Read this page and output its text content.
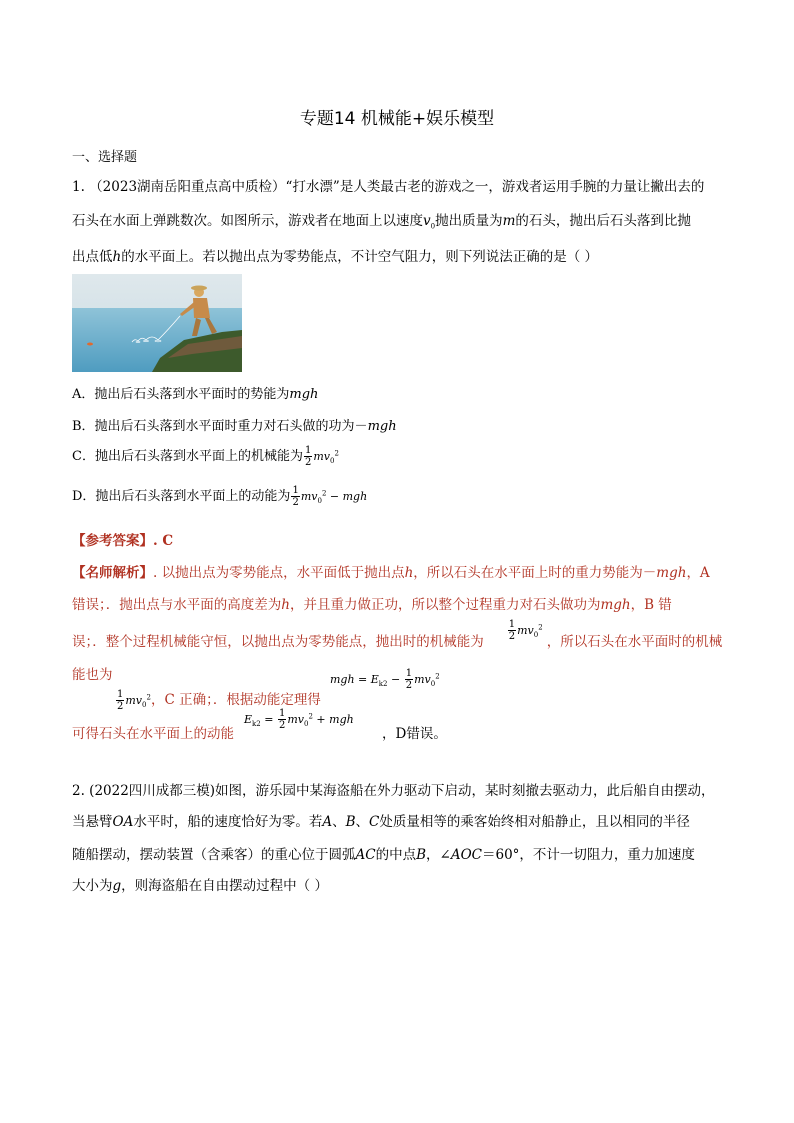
专题14 机械能+娱乐模型
一、选择题
1. （2023湖南岳阳重点高中质检）“打水漂”是人类最古老的游戏之一，游戏者运用手腕的力量让撇出去的
石头在水面上弹跳数次。如图所示，游戏者在地面上以速度$v_0$抛出质量为m的石头，抛出后石头落到比抛
出点低h的水平面上。若以抛出点为零势能点，不计空气阻力，则下列说法正确的是（ ）
A．抛出后石头落到水平面时的势能为mgh
B．抛出后石头落到水平面时重力对石头做的功为－mgh
C．抛出后石头落到水平面上的机械能为 $\frac{1}{2} mv_0^2$
D．抛出后石头落到水平面上的动能为 $\frac{1}{2} mv_0^2$ − mgh
【参考答案】. C
【名师解析】. 以抛出点为零势能点，水平面低于抛出点h，所以石头在水平面上时的重力势能为－mgh，A
错误；．抛出点与水平面的高度差为h，并且重力做正功，所以整个过程重力对石头做功为mgh，B 错
误；．整个过程机械能守恒，以抛出点为零势能点，抛出时的机械能为 $\frac{1}{2} ^{mv_0^2}$，所以石头在水平面时的机械
能也为
$\frac{1}{2} mv_0^2$，C 正确；．根据动能定理得
mgh = $E_{k2} - \frac{1}{2} mv_0^2$
可得石头在水平面上的动能
$E_{k2} = \frac{1}{2} mv_0^2$ + mgh
，D错误。
2. (2022四川成都三模)如图，游乐园中某海盗船在外力驱动下启动，某时刻撤去驱动力，此后船自由摆动，
当悬臂OA水平时，船的速度恰好为零。若A、B、C处质量相等的乘客始终相对船静止，且以相同的半径
随船摆动，摆动装置（含乘客）的重心位于圆弧AC的中点B，∠AOC＝60°，不计一切阻力，重力加速度
大小为g，则海盗船在自由摆动过程中（ ）
